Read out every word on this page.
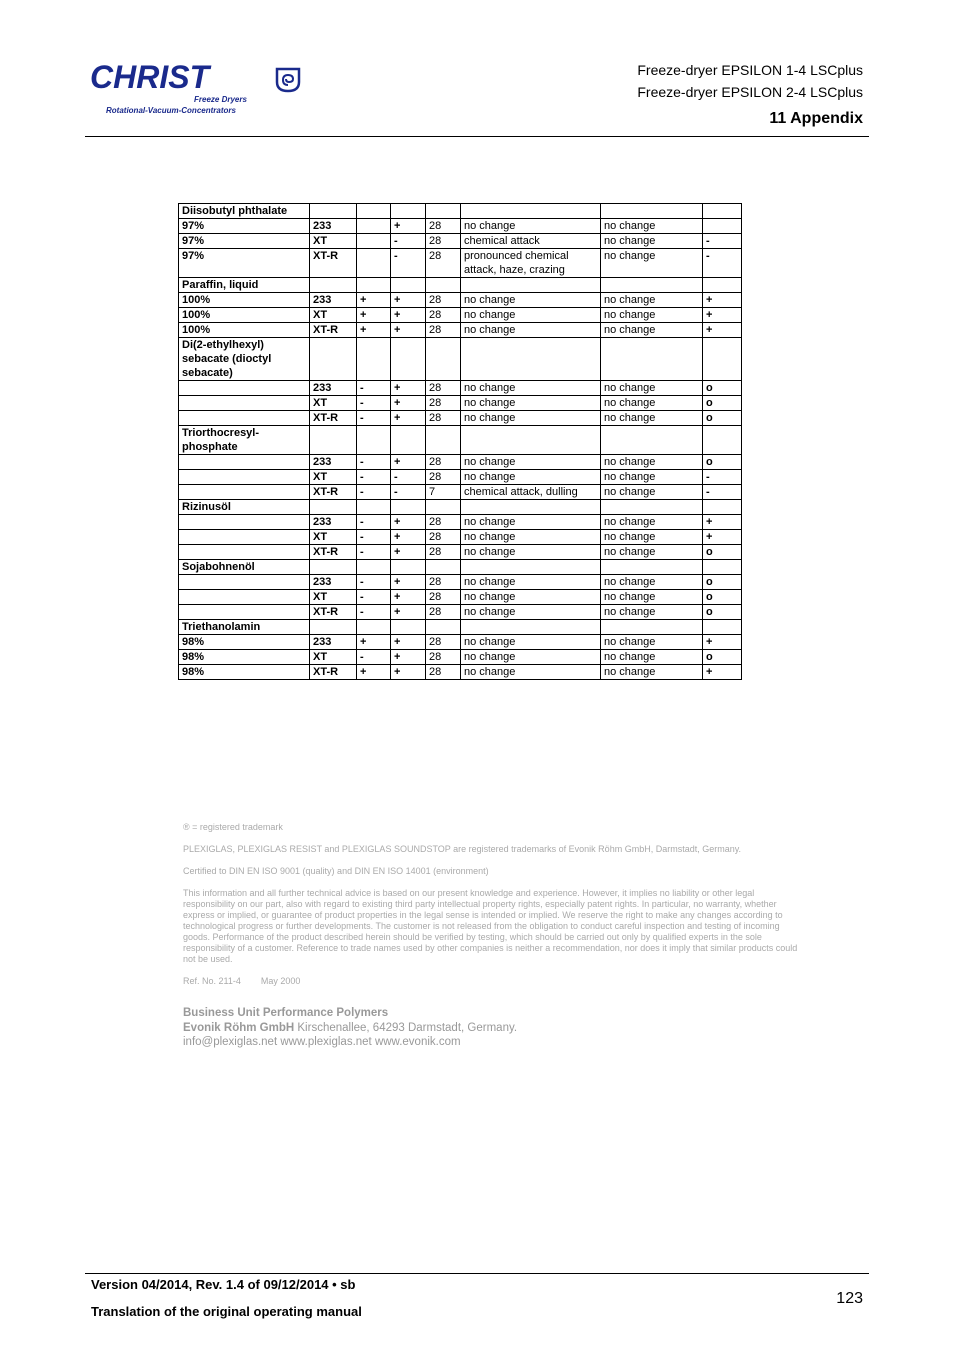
CHRIST
Freeze Dryers
Rotational-Vacuum-Concentrators
Freeze-dryer EPSILON 1-4 LSCplus
Freeze-dryer EPSILON 2-4 LSCplus
11 Appendix
Diisobutyl phthalate							
97%	233		+	28	no change	no change	
97%	XT		-	28	chemical attack	no change	-
97%	XT-R		-	28	pronounced chemical attack, haze, crazing	no change	-
Paraffin, liquid							
100%	233	+	+	28	no change	no change	+
100%	XT	+	+	28	no change	no change	+
100%	XT-R	+	+	28	no change	no change	+
Di(2-ethylhexyl) sebacate (dioctyl sebacate)							
	233	-	+	28	no change	no change	o
	XT	-	+	28	no change	no change	o
	XT-R	-	+	28	no change	no change	o
Triorthocresyl-phosphate							
	233	-	+	28	no change	no change	o
	XT	-	-	28	no change	no change	-
	XT-R	-	-	7	chemical attack, dulling	no change	-
Rizinusöl							
	233	-	+	28	no change	no change	+
	XT	-	+	28	no change	no change	+
	XT-R	-	+	28	no change	no change	o
Sojabohnenöl							
	233	-	+	28	no change	no change	o
	XT	-	+	28	no change	no change	o
	XT-R	-	+	28	no change	no change	o
Triethanolamin							
98%	233	+	+	28	no change	no change	+
98%	XT	-	+	28	no change	no change	o
98%	XT-R	+	+	28	no change	no change	+

® = registered trademark

PLEXIGLAS, PLEXIGLAS RESIST and PLEXIGLAS SOUNDSTOP are registered trademarks of Evonik Röhm GmbH, Darmstadt, Germany.

Certified to DIN EN ISO 9001 (quality) and DIN EN ISO 14001 (environment)

This information and all further technical advice is based on our present knowledge and experience. However, it implies no liability or other legal responsibility on our part, also with regard to existing third party intellectual property rights, especially patent rights. In particular, no warranty, whether express or implied, or guarantee of product properties in the legal sense is intended or implied. We reserve the right to make any changes according to technological progress or further developments. The customer is not released from the obligation to conduct careful inspection and testing of incoming goods. Performance of the product described herein should be verified by testing, which should be carried out only by qualified experts in the sole responsibility of a customer. Reference to trade names used by other companies is neither a recommendation, nor does it imply that similar products could not be used.

Ref. No. 211-4        May 2000

Business Unit Performance Polymers
Evonik Röhm GmbH Kirschenallee, 64293 Darmstadt, Germany.
info@plexiglas.net www.plexiglas.net www.evonik.com
Version 04/2014, Rev. 1.4 of 09/12/2014 • sb
Translation of the original operating manual
123
